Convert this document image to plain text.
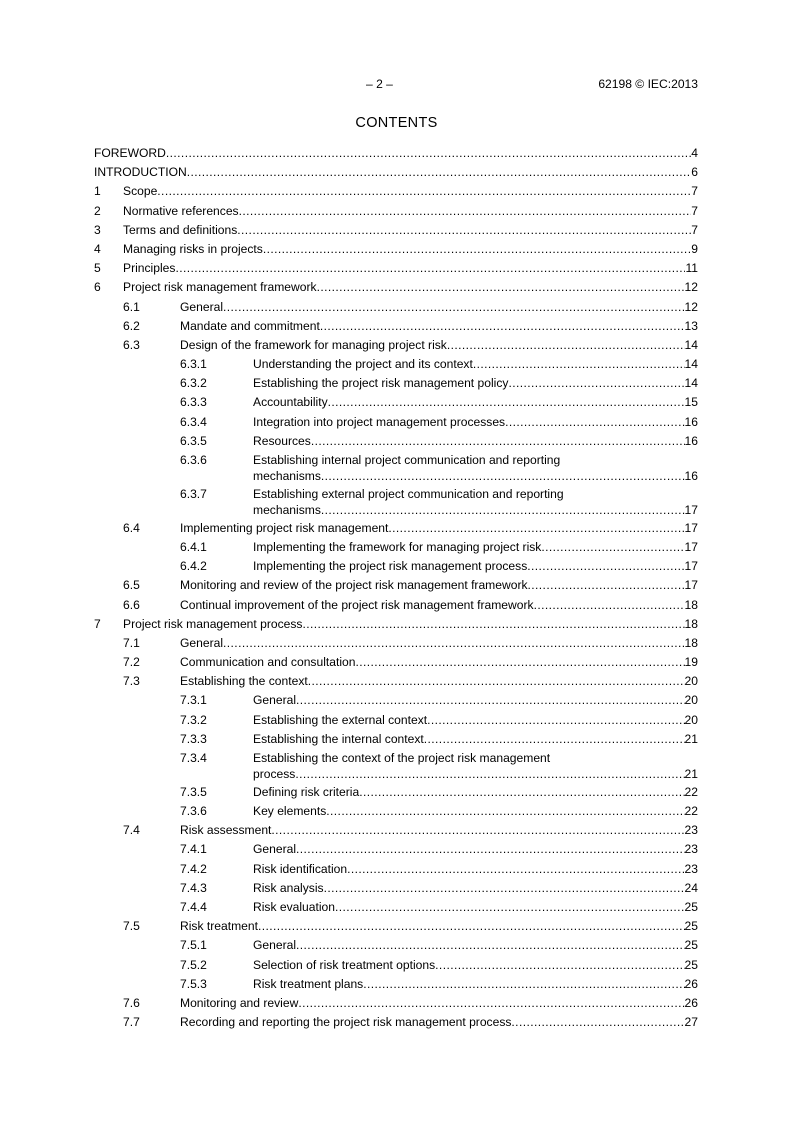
– 2 –	62198 © IEC:2013
CONTENTS
FOREWORD .....	4
INTRODUCTION .....	6
1 Scope .....	7
2 Normative references .....	7
3 Terms and definitions .....	7
4 Managing risks in projects .....	9
5 Principles .....	11
6 Project risk management framework .....	12
6.1	General .....	12
6.2	Mandate and commitment .....	13
6.3	Design of the framework for managing project risk .....	14
6.3.1	Understanding the project and its context .....	14
6.3.2	Establishing the project risk management policy .....	14
6.3.3	Accountability .....	15
6.3.4	Integration into project management processes .....	16
6.3.5	Resources .....	16
6.3.6	Establishing internal project communication and reporting
mechanisms .....	16
6.3.7	Establishing external project communication and reporting
mechanisms .....	17
6.4	Implementing project risk management .....	17
6.4.1	Implementing the framework for managing project risk .....	17
6.4.2	Implementing the project risk management process .....	17
6.5	Monitoring and review of the project risk management framework .....	17
6.6	Continual improvement of the project risk management framework .....	18
7 Project risk management process .....	18
7.1	General .....	18
7.2	Communication and consultation .....	19
7.3	Establishing the context .....	20
7.3.1	General .....	20
7.3.2	Establishing the external context .....	20
7.3.3	Establishing the internal context .....	21
7.3.4	Establishing the context of the project risk management
process .....	21
7.3.5	Defining risk criteria .....	22
7.3.6	Key elements .....	22
7.4	Risk assessment .....	23
7.4.1	General .....	23
7.4.2	Risk identification .....	23
7.4.3	Risk analysis .....	24
7.4.4	Risk evaluation .....	25
7.5	Risk treatment .....	25
7.5.1	General .....	25
7.5.2	Selection of risk treatment options .....	25
7.5.3	Risk treatment plans .....	26
7.6	Monitoring and review .....	26
7.7	Recording and reporting the project risk management process .....	27
